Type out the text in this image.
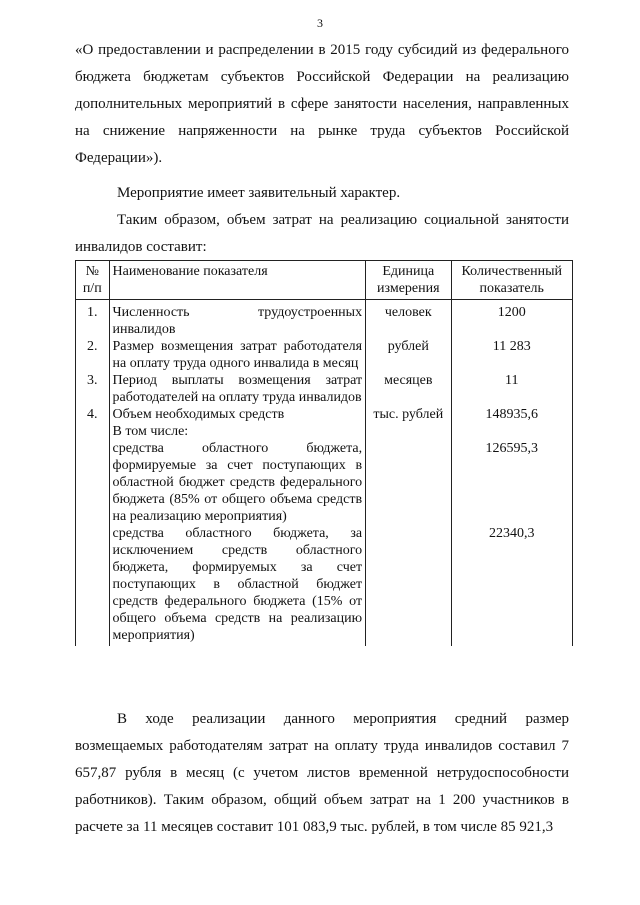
3

«О предоставлении и распределении в 2015 году субсидий из федерального бюджета бюджетам субъектов Российской Федерации на реализацию дополнительных мероприятий в сфере занятости населения, направленных на снижение напряженности на рынке труда субъектов Российской Федерации»).

Мероприятие имеет заявительный характер.

Таким образом, объем затрат на реализацию социальной занятости инвалидов составит:

№ п/п	Наименование показателя	Единица измерения	Количественный показатель
1.	Численность трудоустроенных инвалидов	человек	1200
2.	Размер возмещения затрат работодателя на оплату труда одного инвалида в месяц	рублей	11 283
3.	Период выплаты возмещения затрат работодателей на оплату труда инвалидов	месяцев	11
4.	Объем необходимых средств	тыс. рублей	148935,6
	В том числе:		
	средства областного бюджета, формируемые за счет поступающих в областной бюджет средств федерального бюджета (85% от общего объема средств на реализацию мероприятия)		126595,3
	средства областного бюджета, за исключением средств областного бюджета, формируемых за счет поступающих в областной бюджет средств федерального бюджета (15% от общего объема средств на реализацию мероприятия)		22340,3

В ходе реализации данного мероприятия средний размер возмещаемых работодателям затрат на оплату труда инвалидов составил 7 657,87 рубля в месяц (с учетом листов временной нетрудоспособности работников). Таким образом, общий объем затрат на 1 200 участников в расчете за 11 месяцев составит 101 083,9 тыс. рублей, в том числе 85 921,3
